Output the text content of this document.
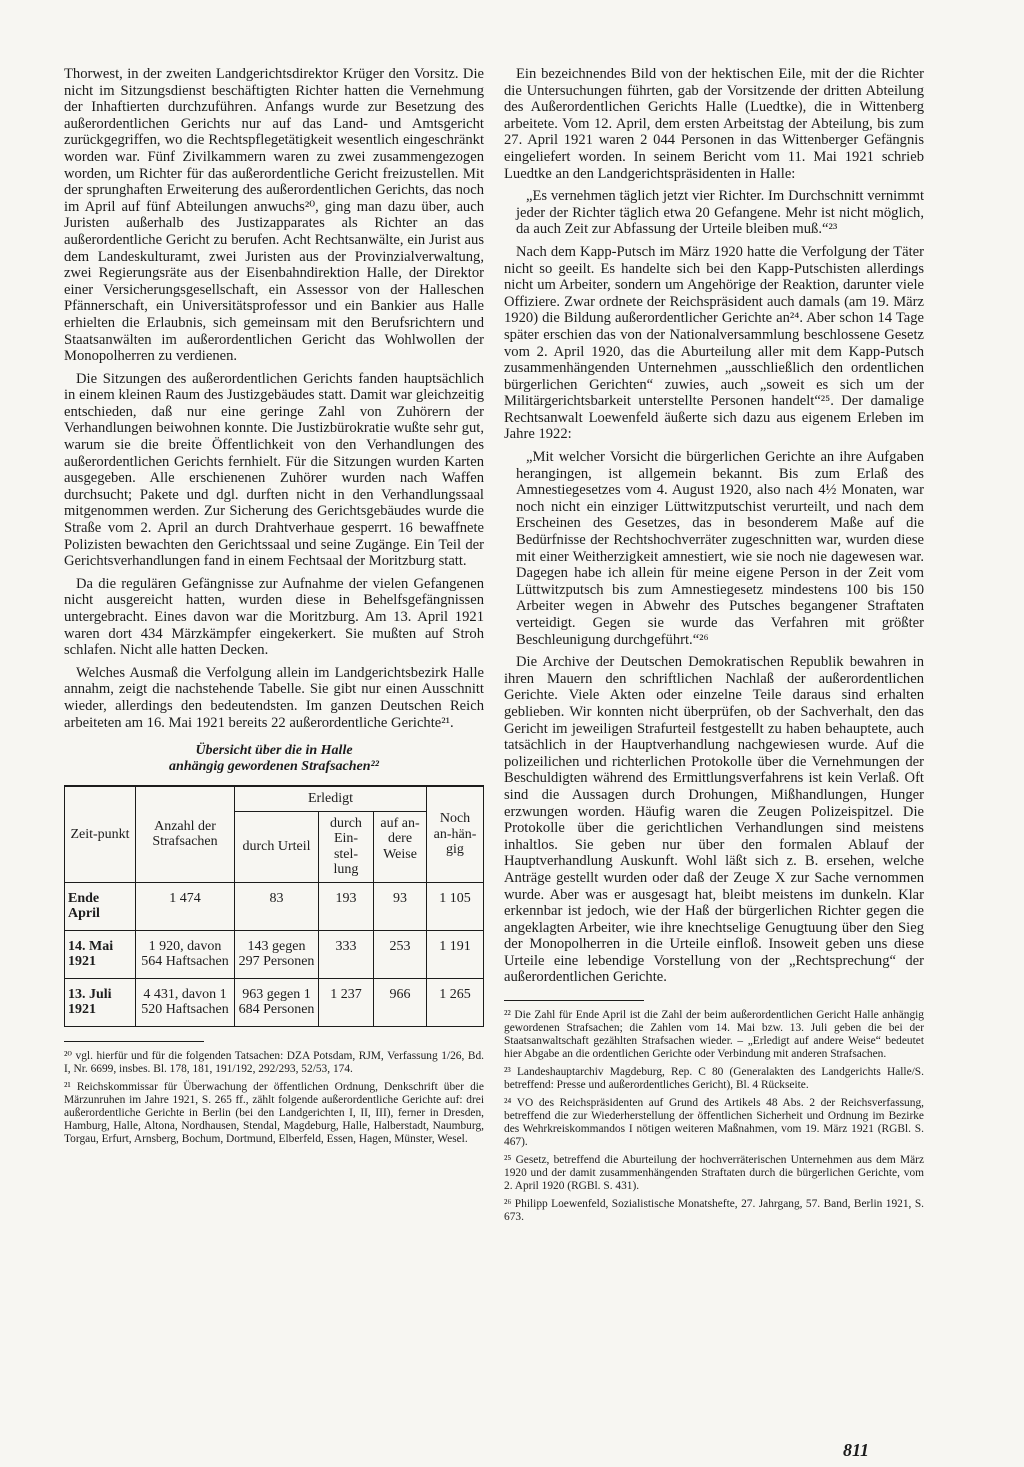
Thorwest, in der zweiten Landgerichtsdirektor Krüger den Vorsitz. Die nicht im Sitzungsdienst beschäftigten Richter hatten die Vernehmung der Inhaftierten durchzuführen. Anfangs wurde zur Besetzung des außerordentlichen Gerichts nur auf das Land- und Amtsgericht zurückgegriffen, wo die Rechtspflegetätigkeit wesentlich eingeschränkt worden war. Fünf Zivilkammern waren zu zwei zusammengezogen worden, um Richter für das außerordentliche Gericht freizustellen. Mit der sprunghaften Erweiterung des außerordentlichen Gerichts, das noch im April auf fünf Abteilungen anwuchs²⁰, ging man dazu über, auch Juristen außerhalb des Justizapparates als Richter an das außerordentliche Gericht zu berufen. Acht Rechtsanwälte, ein Jurist aus dem Landeskulturamt, zwei Juristen aus der Provinzialverwaltung, zwei Regierungsräte aus der Eisenbahndirektion Halle, der Direktor einer Versicherungsgesellschaft, ein Assessor von der Halleschen Pfännerschaft, ein Universitätsprofessor und ein Bankier aus Halle erhielten die Erlaubnis, sich gemeinsam mit den Berufsrichtern und Staatsanwälten im außerordentlichen Gericht das Wohlwollen der Monopolherren zu verdienen.

Die Sitzungen des außerordentlichen Gerichts fanden hauptsächlich in einem kleinen Raum des Justizgebäudes statt. Damit war gleichzeitig entschieden, daß nur eine geringe Zahl von Zuhörern der Verhandlungen beiwohnen konnte. Die Justizbürokratie wußte sehr gut, warum sie die breite Öffentlichkeit von den Verhandlungen des außerordentlichen Gerichts fernhielt. Für die Sitzungen wurden Karten ausgegeben. Alle erschienenen Zuhörer wurden nach Waffen durchsucht; Pakete und dgl. durften nicht in den Verhandlungssaal mitgenommen werden. Zur Sicherung des Gerichtsgebäudes wurde die Straße vom 2. April an durch Drahtverhaue gesperrt. 16 bewaffnete Polizisten bewachten den Gerichtssaal und seine Zugänge. Ein Teil der Gerichtsverhandlungen fand in einem Fechtsaal der Moritzburg statt.

Da die regulären Gefängnisse zur Aufnahme der vielen Gefangenen nicht ausgereicht hatten, wurden diese in Behelfsgefängnissen untergebracht. Eines davon war die Moritzburg. Am 13. April 1921 waren dort 434 Märzkämpfer eingekerkert. Sie mußten auf Stroh schlafen. Nicht alle hatten Decken.

Welches Ausmaß die Verfolgung allein im Landgerichtsbezirk Halle annahm, zeigt die nachstehende Tabelle. Sie gibt nur einen Ausschnitt wieder, allerdings den bedeutendsten. Im ganzen Deutschen Reich arbeiteten am 16. Mai 1921 bereits 22 außerordentliche Gerichte²¹.

Übersicht über die in Halle
anhängig gewordenen Strafsachen²²
Zeit-punkt	Anzahl der Strafsachen	Erledigt			Noch an-hän-gig
		durch Urteil	durch Ein-stel-lung	auf an-dere Weise	
Ende April	1 474	83	193	93	1 105
14. Mai 1921	1 920, davon 564 Haftsachen	143 gegen 297 Personen	333	253	1 191
13. Juli 1921	4 431, davon 1 520 Haftsachen	963 gegen 1 684 Personen	1 237	966	1 265

²⁰ vgl. hierfür und für die folgenden Tatsachen: DZA Potsdam, RJM, Verfassung 1/26, Bd. I, Nr. 6699, insbes. Bl. 178, 181, 191/192, 292/293, 52/53, 174.

²¹ Reichskommissar für Überwachung der öffentlichen Ordnung, Denkschrift über die Märzunruhen im Jahre 1921, S. 265 ff., zählt folgende außerordentliche Gerichte auf: drei außerordentliche Gerichte in Berlin (bei den Landgerichten I, II, III), ferner in Dresden, Hamburg, Halle, Altona, Nordhausen, Stendal, Magdeburg, Halle, Halberstadt, Naumburg, Torgau, Erfurt, Arnsberg, Bochum, Dortmund, Elberfeld, Essen, Hagen, Münster, Wesel.

Ein bezeichnendes Bild von der hektischen Eile, mit der die Richter die Untersuchungen führten, gab der Vorsitzende der dritten Abteilung des Außerordentlichen Gerichts Halle (Luedtke), die in Wittenberg arbeitete. Vom 12. April, dem ersten Arbeitstag der Abteilung, bis zum 27. April 1921 waren 2 044 Personen in das Wittenberger Gefängnis eingeliefert worden. In seinem Bericht vom 11. Mai 1921 schrieb Luedtke an den Landgerichtspräsidenten in Halle:

„Es vernehmen täglich jetzt vier Richter. Im Durchschnitt vernimmt jeder der Richter täglich etwa 20 Gefangene. Mehr ist nicht möglich, da auch Zeit zur Abfassung der Urteile bleiben muß.“²³

Nach dem Kapp-Putsch im März 1920 hatte die Verfolgung der Täter nicht so geeilt. Es handelte sich bei den Kapp-Putschisten allerdings nicht um Arbeiter, sondern um Angehörige der Reaktion, darunter viele Offiziere. Zwar ordnete der Reichspräsident auch damals (am 19. März 1920) die Bildung außerordentlicher Gerichte an²⁴. Aber schon 14 Tage später erschien das von der Nationalversammlung beschlossene Gesetz vom 2. April 1920, das die Aburteilung aller mit dem Kapp-Putsch zusammenhängenden Unternehmen „ausschließlich den ordentlichen bürgerlichen Gerichten“ zuwies, auch „soweit es sich um der Militärgerichtsbarkeit unterstellte Personen handelt“²⁵. Der damalige Rechtsanwalt Loewenfeld äußerte sich dazu aus eigenem Erleben im Jahre 1922:

„Mit welcher Vorsicht die bürgerlichen Gerichte an ihre Aufgaben herangingen, ist allgemein bekannt. Bis zum Erlaß des Amnestiegesetzes vom 4. August 1920, also nach 4½ Monaten, war noch nicht ein einziger Lüttwitzputschist verurteilt, und nach dem Erscheinen des Gesetzes, das in besonderem Maße auf die Bedürfnisse der Rechtshochverräter zugeschnitten war, wurden diese mit einer Weitherzigkeit amnestiert, wie sie noch nie dagewesen war. Dagegen habe ich allein für meine eigene Person in der Zeit vom Lüttwitzputsch bis zum Amnestiegesetz mindestens 100 bis 150 Arbeiter wegen in Abwehr des Putsches begangener Straftaten verteidigt. Gegen sie wurde das Verfahren mit größter Beschleunigung durchgeführt.“²⁶

Die Archive der Deutschen Demokratischen Republik bewahren in ihren Mauern den schriftlichen Nachlaß der außerordentlichen Gerichte. Viele Akten oder einzelne Teile daraus sind erhalten geblieben. Wir konnten nicht überprüfen, ob der Sachverhalt, den das Gericht im jeweiligen Strafurteil festgestellt zu haben behauptete, auch tatsächlich in der Hauptverhandlung nachgewiesen wurde. Auf die polizeilichen und richterlichen Protokolle über die Vernehmungen der Beschuldigten während des Ermittlungsverfahrens ist kein Verlaß. Oft sind die Aussagen durch Drohungen, Mißhandlungen, Hunger erzwungen worden. Häufig waren die Zeugen Polizeispitzel. Die Protokolle über die gerichtlichen Verhandlungen sind meistens inhaltlos. Sie geben nur über den formalen Ablauf der Hauptverhandlung Auskunft. Wohl läßt sich z. B. ersehen, welche Anträge gestellt wurden oder daß der Zeuge X zur Sache vernommen wurde. Aber was er ausgesagt hat, bleibt meistens im dunkeln. Klar erkennbar ist jedoch, wie der Haß der bürgerlichen Richter gegen die angeklagten Arbeiter, wie ihre knechtselige Genugtuung über den Sieg der Monopolherren in die Urteile einfloß. Insoweit geben uns diese Urteile eine lebendige Vorstellung von der „Rechtsprechung“ der außerordentlichen Gerichte.

²² Die Zahl für Ende April ist die Zahl der beim außerordentlichen Gericht Halle anhängig gewordenen Strafsachen; die Zahlen vom 14. Mai bzw. 13. Juli geben die bei der Staatsanwaltschaft gezählten Strafsachen wieder. – „Erledigt auf andere Weise“ bedeutet hier Abgabe an die ordentlichen Gerichte oder Verbindung mit anderen Strafsachen.

²³ Landeshauptarchiv Magdeburg, Rep. C 80 (Generalakten des Landgerichts Halle/S. betreffend: Presse und außerordentliches Gericht), Bl. 4 Rückseite.

²⁴ VO des Reichspräsidenten auf Grund des Artikels 48 Abs. 2 der Reichsverfassung, betreffend die zur Wiederherstellung der öffentlichen Sicherheit und Ordnung im Bezirke des Wehrkreiskommandos I nötigen weiteren Maßnahmen, vom 19. März 1921 (RGBl. S. 467).

²⁵ Gesetz, betreffend die Aburteilung der hochverräterischen Unternehmen aus dem März 1920 und der damit zusammenhängenden Straftaten durch die bürgerlichen Gerichte, vom 2. April 1920 (RGBl. S. 431).

²⁶ Philipp Loewenfeld, Sozialistische Monatshefte, 27. Jahrgang, 57. Band, Berlin 1921, S. 673.

811
